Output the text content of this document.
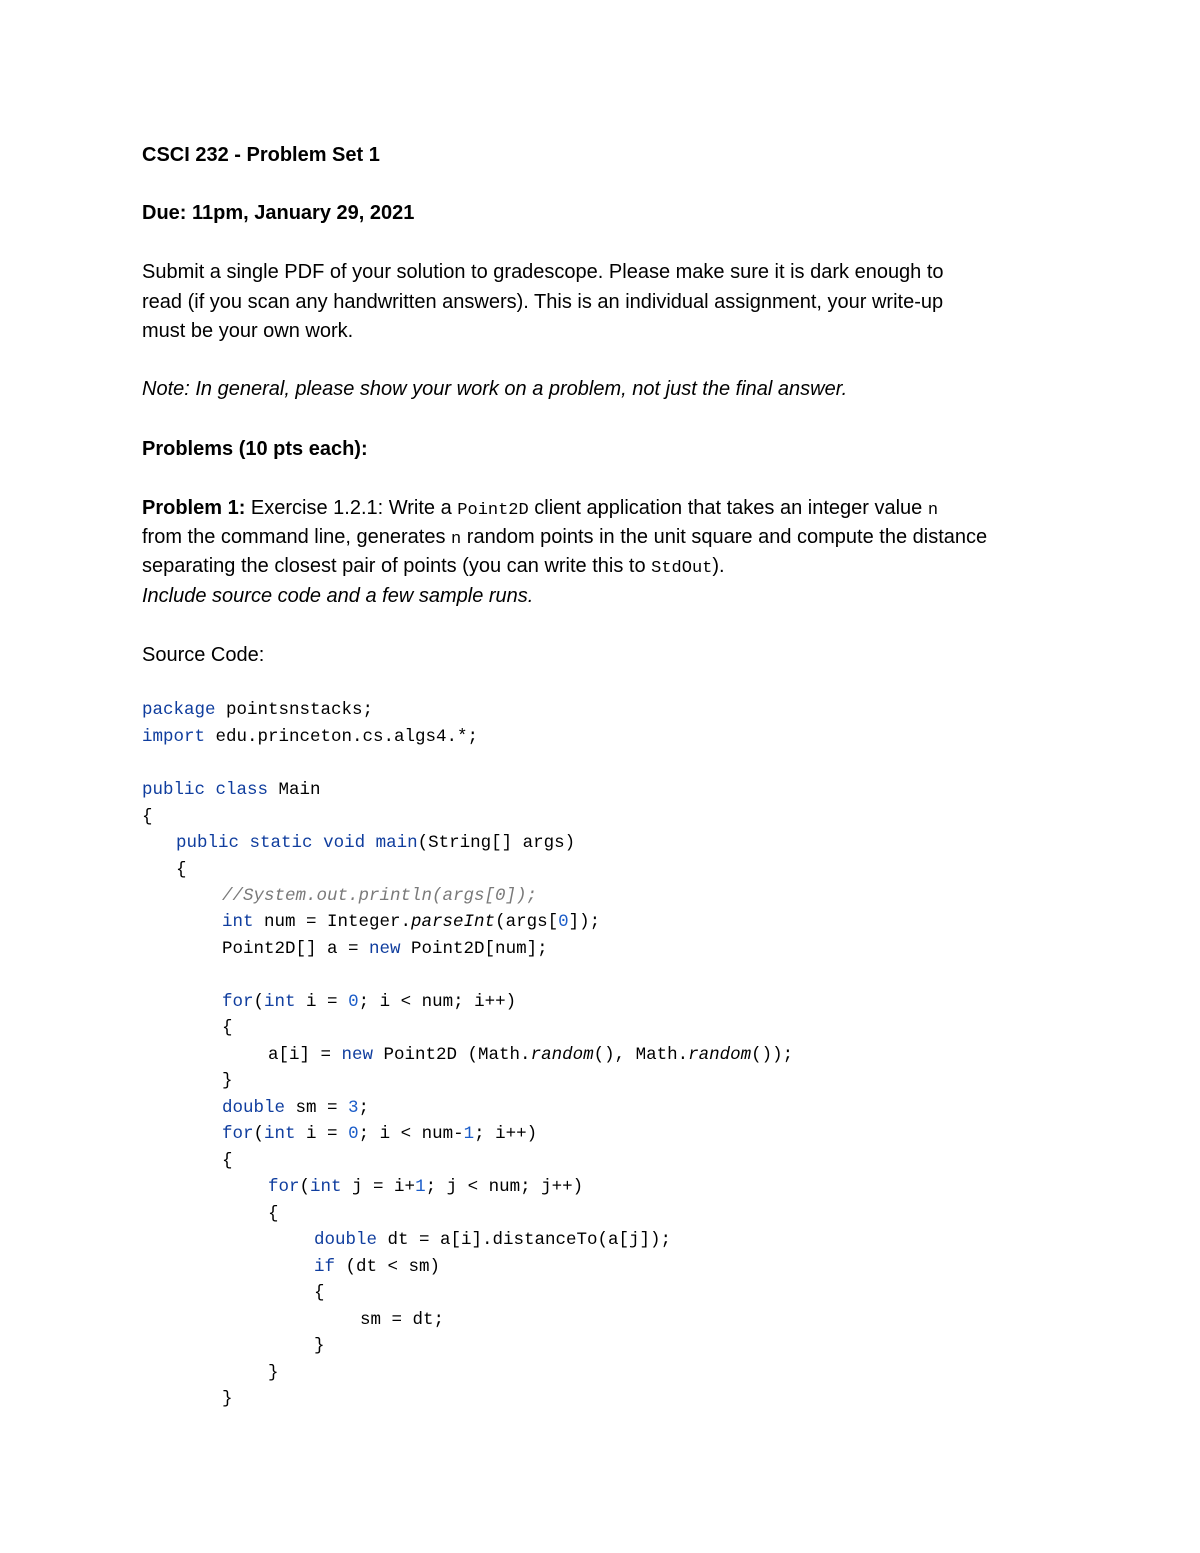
CSCI 232 - Problem Set 1
Due: 11pm, January 29, 2021
Submit a single PDF of your solution to gradescope. Please make sure it is dark enough to
read (if you scan any handwritten answers). This is an individual assignment, your write-up
must be your own work.
Note: In general, please show your work on a problem, not just the final answer.
Problems (10 pts each):
Problem 1: Exercise 1.2.1: Write a Point2D client application that takes an integer value n
from the command line, generates n random points in the unit square and compute the distance
separating the closest pair of points (you can write this to StdOut).
Include source code and a few sample runs.
Source Code:
package pointsnstacks;
import edu.princeton.cs.algs4.*;
public class Main
{
public static void main(String[] args)
{
//System.out.println(args[0]);
int num = Integer.parseInt(args[0]);
Point2D[] a = new Point2D[num];
for(int i = 0; i < num; i++)
{
a[i] = new Point2D (Math.random(), Math.random());
}
double sm = 3;
for(int i = 0; i < num-1; i++)
{
for(int j = i+1; j < num; j++)
{
double dt = a[i].distanceTo(a[j]);
if (dt < sm)
{
sm = dt;
}
}
}
